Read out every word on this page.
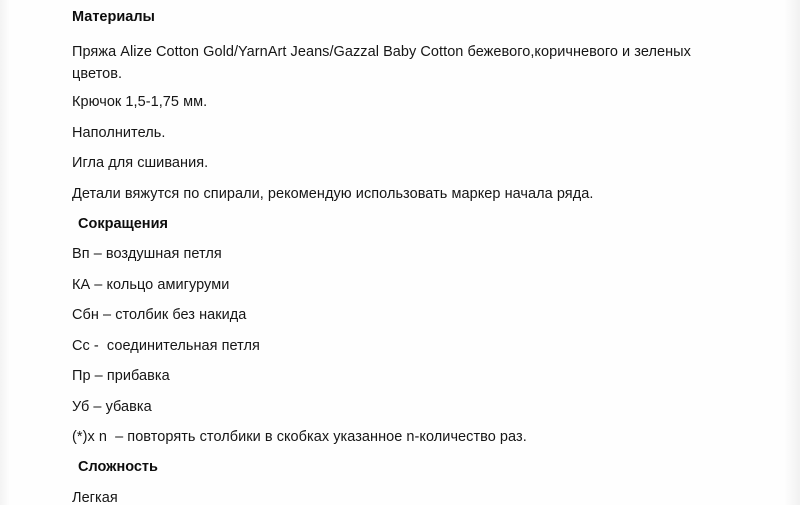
Материалы
Пряжа Alize Cotton Gold/YarnArt Jeans/Gazzal Baby Cotton бежевого,коричневого и зеленых цветов.
Крючок 1,5-1,75 мм.
Наполнитель.
Игла для сшивания.
Детали вяжутся по спирали, рекомендую использовать маркер начала ряда.
Сокращения
Вп – воздушная петля
КА – кольцо амигуруми
Сбн – столбик без накида
Сс -  соединительная петля
Пр – прибавка
Уб – убавка
(*)х n  – повторять столбики в скобках указанное n-количество раз.
Сложность
Легкая
